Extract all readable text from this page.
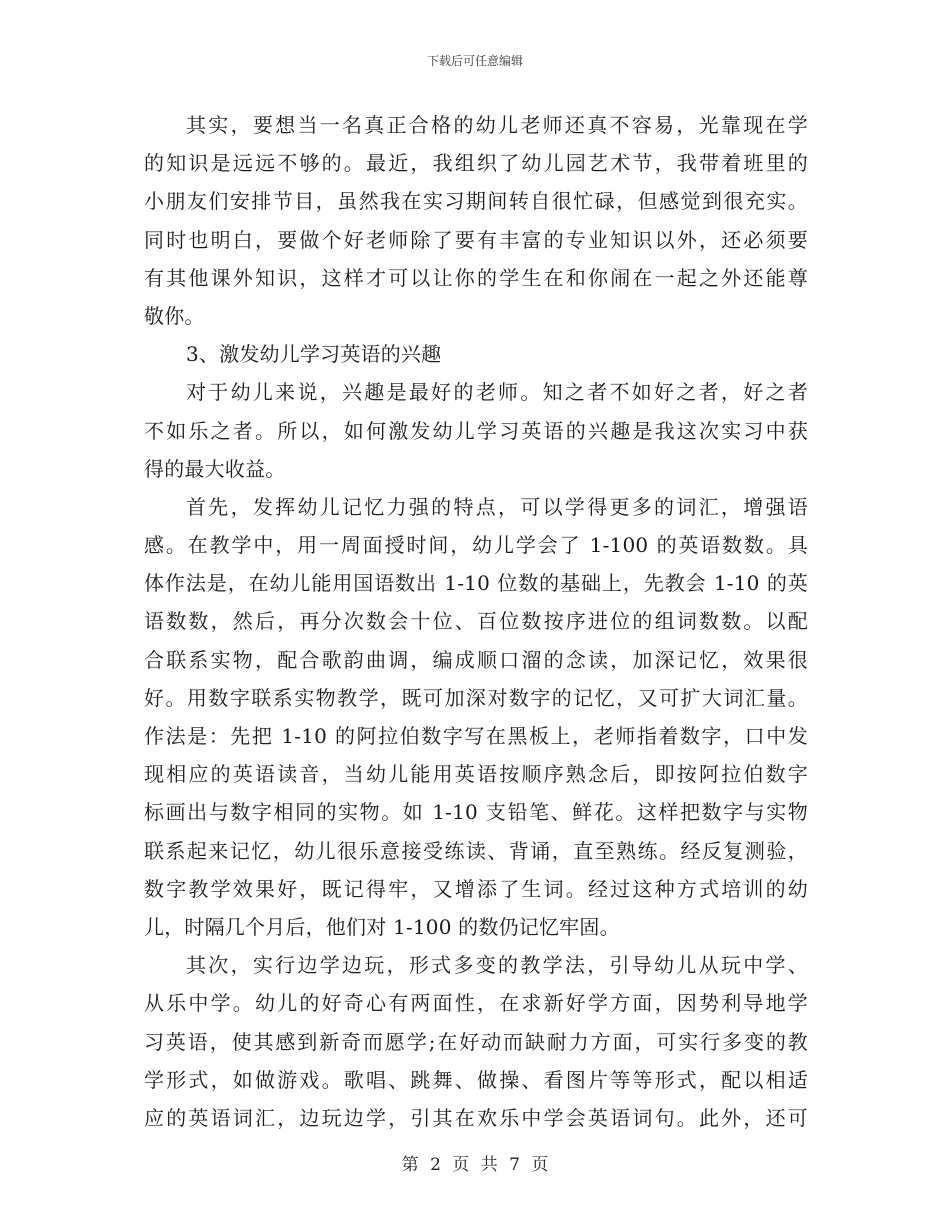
下载后可任意编辑
其实，要想当一名真正合格的幼儿老师还真不容易，光靠现在学
的知识是远远不够的。最近，我组织了幼儿园艺术节，我带着班里的
小朋友们安排节目，虽然我在实习期间转自很忙碌，但感觉到很充实。
同时也明白，要做个好老师除了要有丰富的专业知识以外，还必须要
有其他课外知识，这样才可以让你的学生在和你闹在一起之外还能尊
敬你。
3、激发幼儿学习英语的兴趣
对于幼儿来说，兴趣是最好的老师。知之者不如好之者，好之者
不如乐之者。所以，如何激发幼儿学习英语的兴趣是我这次实习中获
得的最大收益。
首先，发挥幼儿记忆力强的特点，可以学得更多的词汇，增强语
感。在教学中，用一周面授时间，幼儿学会了 1-100 的英语数数。具
体作法是，在幼儿能用国语数出 1-10 位数的基础上，先教会 1-10 的英
语数数，然后，再分次数会十位、百位数按序进位的组词数数。以配
合联系实物，配合歌韵曲调，编成顺口溜的念读，加深记忆，效果很
好。用数字联系实物教学，既可加深对数字的记忆，又可扩大词汇量。
作法是：先把 1-10 的阿拉伯数字写在黑板上，老师指着数字，口中发
现相应的英语读音，当幼儿能用英语按顺序熟念后，即按阿拉伯数字
标画出与数字相同的实物。如 1-10 支铅笔、鲜花。这样把数字与实物
联系起来记忆，幼儿很乐意接受练读、背诵，直至熟练。经反复测验，
数字教学效果好，既记得牢，又增添了生词。经过这种方式培训的幼
儿，时隔几个月后，他们对 1-100 的数仍记忆牢固。
其次，实行边学边玩，形式多变的教学法，引导幼儿从玩中学、
从乐中学。幼儿的好奇心有两面性，在求新好学方面，因势利导地学
习英语，使其感到新奇而愿学;在好动而缺耐力方面，可实行多变的教
学形式，如做游戏。歌唱、跳舞、做操、看图片等等形式，配以相适
应的英语词汇，边玩边学，引其在欢乐中学会英语词句。此外，还可
第 2 页 共 7 页
